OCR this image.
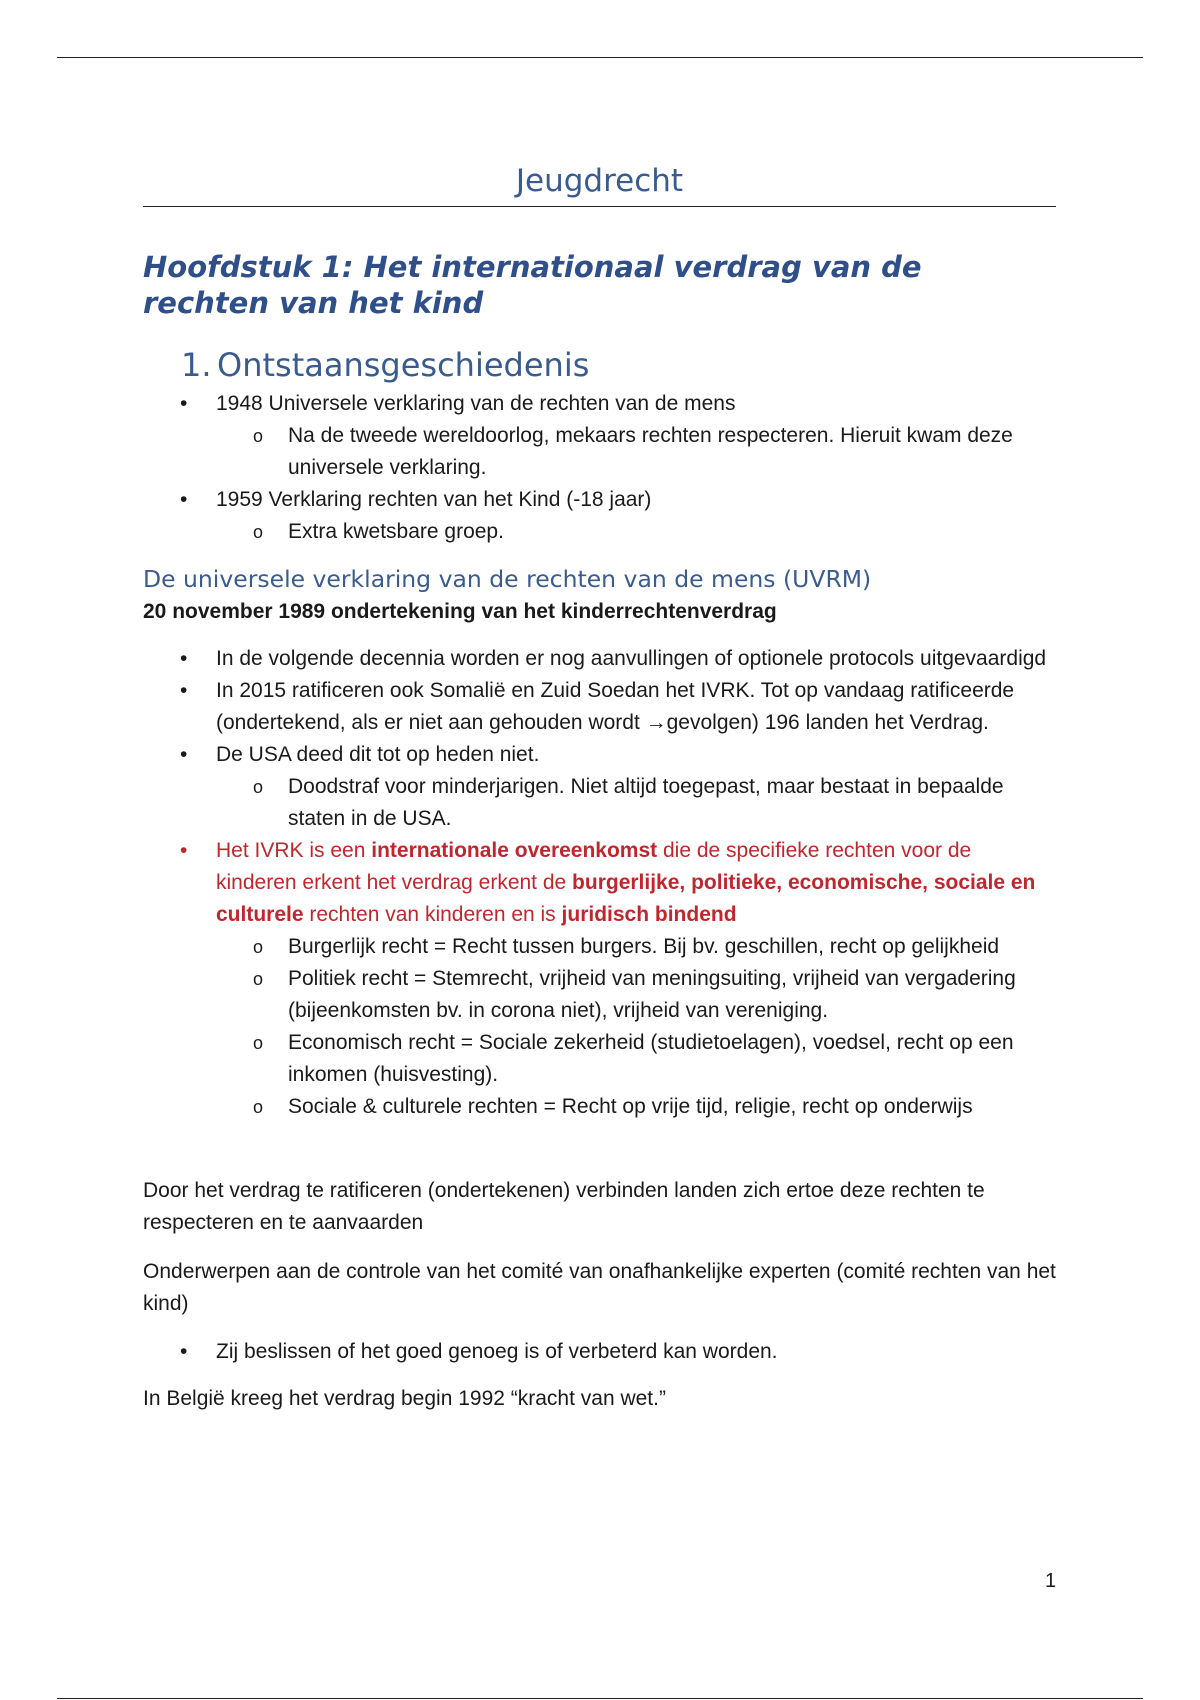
Jeugdrecht
Hoofdstuk 1: Het internationaal verdrag van de rechten van het kind
1. Ontstaansgeschiedenis
• 1948 Universele verklaring van de rechten van de mens
o Na de tweede wereldoorlog, mekaars rechten respecteren. Hieruit kwam deze universele verklaring.
• 1959 Verklaring rechten van het Kind (-18 jaar)
o Extra kwetsbare groep.
De universele verklaring van de rechten van de mens (UVRM)
20 november 1989 ondertekening van het kinderrechtenverdrag
• In de volgende decennia worden er nog aanvullingen of optionele protocols uitgevaardigd
• In 2015 ratificeren ook Somalië en Zuid Soedan het IVRK. Tot op vandaag ratificeerde (ondertekend, als er niet aan gehouden wordt →gevolgen) 196 landen het Verdrag.
• De USA deed dit tot op heden niet.
o Doodstraf voor minderjarigen. Niet altijd toegepast, maar bestaat in bepaalde staten in de USA.
• Het IVRK is een internationale overeenkomst die de specifieke rechten voor de kinderen erkent het verdrag erkent de burgerlijke, politieke, economische, sociale en culturele rechten van kinderen en is juridisch bindend
o Burgerlijk recht = Recht tussen burgers. Bij bv. geschillen, recht op gelijkheid
o Politiek recht = Stemrecht, vrijheid van meningsuiting, vrijheid van vergadering (bijeenkomsten bv. in corona niet), vrijheid van vereniging.
o Economisch recht = Sociale zekerheid (studietoelagen), voedsel, recht op een inkomen (huisvesting).
o Sociale & culturele rechten = Recht op vrije tijd, religie, recht op onderwijs

Door het verdrag te ratificeren (ondertekenen) verbinden landen zich ertoe deze rechten te respecteren en te aanvaarden

Onderwerpen aan de controle van het comité van onafhankelijke experten (comité rechten van het kind)

• Zij beslissen of het goed genoeg is of verbeterd kan worden.

In België kreeg het verdrag begin 1992 “kracht van wet.”

1
